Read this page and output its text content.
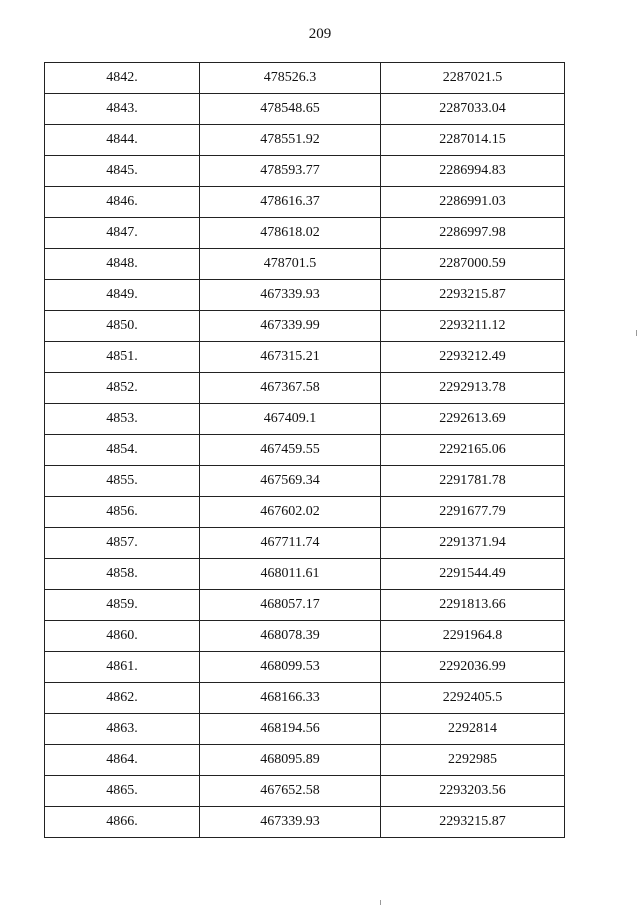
209
4842.	478526.3	2287021.5
4843.	478548.65	2287033.04
4844.	478551.92	2287014.15
4845.	478593.77	2286994.83
4846.	478616.37	2286991.03
4847.	478618.02	2286997.98
4848.	478701.5	2287000.59
4849.	467339.93	2293215.87
4850.	467339.99	2293211.12
4851.	467315.21	2293212.49
4852.	467367.58	2292913.78
4853.	467409.1	2292613.69
4854.	467459.55	2292165.06
4855.	467569.34	2291781.78
4856.	467602.02	2291677.79
4857.	467711.74	2291371.94
4858.	468011.61	2291544.49
4859.	468057.17	2291813.66
4860.	468078.39	2291964.8
4861.	468099.53	2292036.99
4862.	468166.33	2292405.5
4863.	468194.56	2292814
4864.	468095.89	2292985
4865.	467652.58	2293203.56
4866.	467339.93	2293215.87
